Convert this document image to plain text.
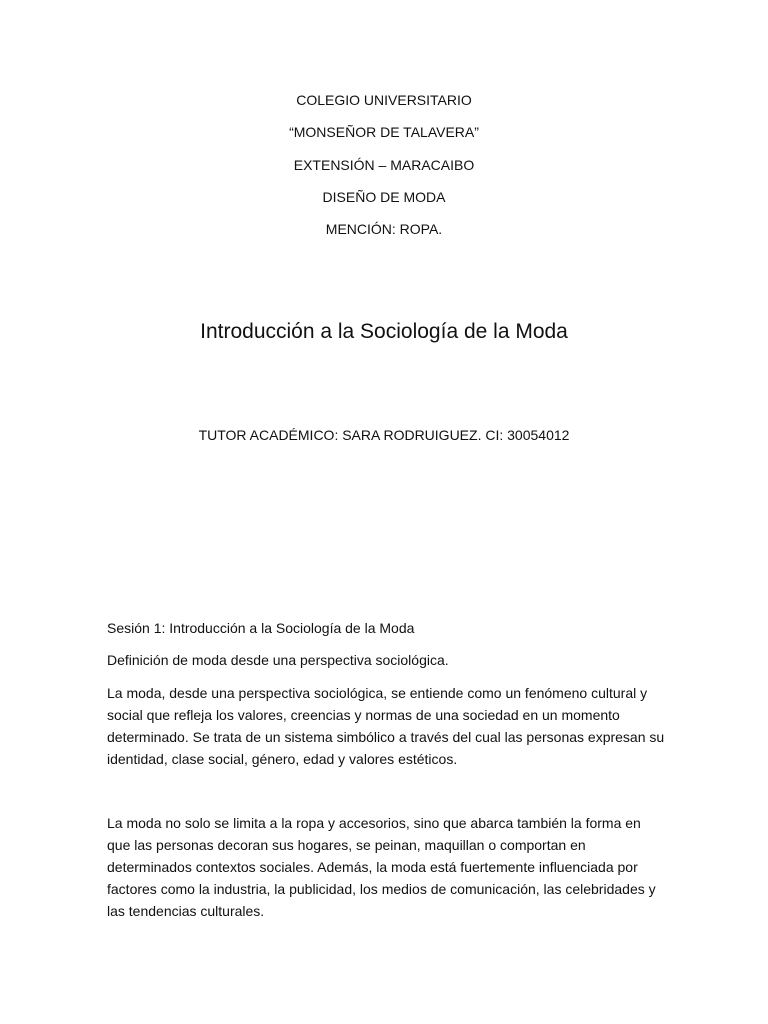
COLEGIO UNIVERSITARIO
“MONSEÑOR DE TALAVERA”
EXTENSIÓN – MARACAIBO
DISEÑO DE MODA
MENCIÓN: ROPA.
Introducción a la Sociología de la Moda
TUTOR ACADÉMICO: SARA RODRUIGUEZ. CI: 30054012
Sesión 1: Introducción a la Sociología de la Moda
Definición de moda desde una perspectiva sociológica.
La moda, desde una perspectiva sociológica, se entiende como un fenómeno cultural y social que refleja los valores, creencias y normas de una sociedad en un momento determinado. Se trata de un sistema simbólico a través del cual las personas expresan su identidad, clase social, género, edad y valores estéticos.
La moda no solo se limita a la ropa y accesorios, sino que abarca también la forma en que las personas decoran sus hogares, se peinan, maquillan o comportan en determinados contextos sociales. Además, la moda está fuertemente influenciada por factores como la industria, la publicidad, los medios de comunicación, las celebridades y las tendencias culturales.
